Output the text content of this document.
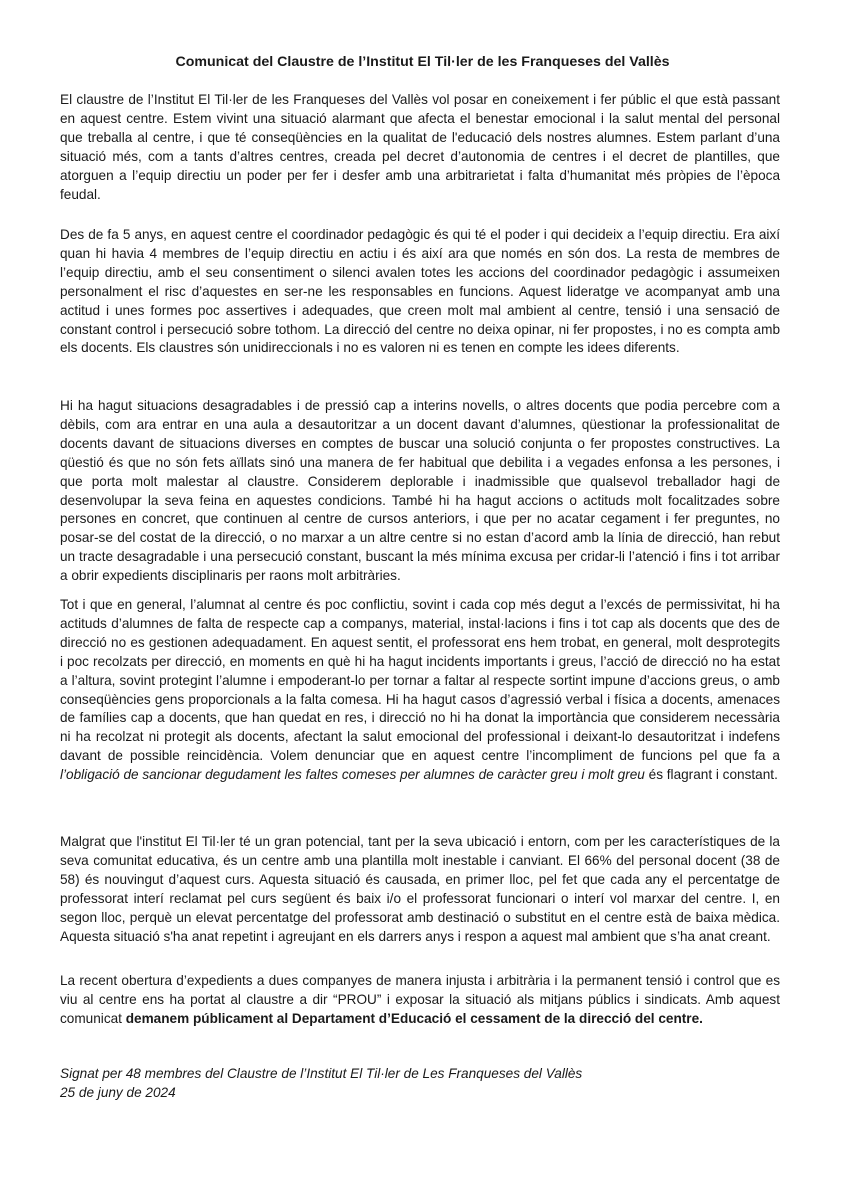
Comunicat del Claustre de l’Institut El Til·ler de les Franqueses del Vallès

El claustre de l’Institut El Til·ler de les Franqueses del Vallès vol posar en coneixement i fer públic el que està passant en aquest centre. Estem vivint una situació alarmant que afecta el benestar emocional i la salut mental del personal que treballa al centre, i que té conseqüències en la qualitat de l'educació dels nostres alumnes. Estem parlant d’una situació més, com a tants d’altres centres, creada pel decret d’autonomia de centres i el decret de plantilles, que atorguen a l’equip directiu un poder per fer i desfer amb una arbitrarietat i falta d’humanitat més pròpies de l’època feudal.

Des de fa 5 anys, en aquest centre el coordinador pedagògic és qui té el poder i qui decideix a l’equip directiu. Era així quan hi havia 4 membres de l’equip directiu en actiu i és així ara que només en són dos. La resta de membres de l’equip directiu, amb el seu consentiment o silenci avalen totes les accions del coordinador pedagògic i assumeixen personalment el risc d’aquestes en ser-ne les responsables en funcions. Aquest lideratge ve acompanyat amb una actitud i unes formes poc assertives i adequades, que creen molt mal ambient al centre, tensió i una sensació de constant control i persecució sobre tothom. La direcció del centre no deixa opinar, ni fer propostes, i no es compta amb els docents. Els claustres són unidireccionals i no es valoren ni es tenen en compte les idees diferents.

Hi ha hagut situacions desagradables i de pressió cap a interins novells, o altres docents que podia percebre com a dèbils, com ara entrar en una aula a desautoritzar a un docent davant d’alumnes, qüestionar la professionalitat de docents davant de situacions diverses en comptes de buscar una solució conjunta o fer propostes constructives. La qüestió és que no són fets aïllats sinó una manera de fer habitual que debilita i a vegades enfonsa a les persones, i que porta molt malestar al claustre. Considerem deplorable i inadmissible que qualsevol treballador hagi de desenvolupar la seva feina en aquestes condicions. També hi ha hagut accions o actituds molt focalitzades sobre persones en concret, que continuen al centre de cursos anteriors, i que per no acatar cegament i fer preguntes, no posar-se del costat de la direcció, o no marxar a un altre centre si no estan d’acord amb la línia de direcció, han rebut un tracte desagradable i una persecució constant, buscant la més mínima excusa per cridar-li l’atenció i fins i tot arribar a obrir expedients disciplinaris per raons molt arbitràries.

Tot i que en general, l’alumnat al centre és poc conflictiu, sovint i cada cop més degut a l’excés de permissivitat, hi ha actituds d’alumnes de falta de respecte cap a companys, material, instal·lacions i fins i tot cap als docents que des de direcció no es gestionen adequadament. En aquest sentit, el professorat ens hem trobat, en general, molt desprotegits i poc recolzats per direcció, en moments en què hi ha hagut incidents importants i greus, l’acció de direcció no ha estat a l’altura, sovint protegint l’alumne i empoderant-lo per tornar a faltar al respecte sortint impune d’accions greus, o amb conseqüències gens proporcionals a la falta comesa. Hi ha hagut casos d’agressió verbal i física a docents, amenaces de famílies cap a docents, que han quedat en res, i direcció no hi ha donat la importància que considerem necessària ni ha recolzat ni protegit als docents, afectant la salut emocional del professional i deixant-lo desautoritzat i indefens davant de possible reincidència. Volem denunciar que en aquest centre l’incompliment de funcions pel que fa a l’obligació de sancionar degudament les faltes comeses per alumnes de caràcter greu i molt greu és flagrant i constant.

Malgrat que l'institut El Til·ler té un gran potencial, tant per la seva ubicació i entorn, com per les característiques de la seva comunitat educativa, és un centre amb una plantilla molt inestable i canviant. El 66% del personal docent (38 de 58) és nouvingut d’aquest curs. Aquesta situació és causada, en primer lloc, pel fet que cada any el percentatge de professorat interí reclamat pel curs següent és baix i/o el professorat funcionari o interí vol marxar del centre. I, en segon lloc, perquè un elevat percentatge del professorat amb destinació o substitut en el centre està de baixa mèdica. Aquesta situació s'ha anat repetint i agreujant en els darrers anys i respon a aquest mal ambient que s’ha anat creant.

La recent obertura d’expedients a dues companyes de manera injusta i arbitrària i la permanent tensió i control que es viu al centre ens ha portat al claustre a dir “PROU” i exposar la situació als mitjans públics i sindicats. Amb aquest comunicat demanem públicament al Departament d’Educació el cessament de la direcció del centre.

Signat per 48 membres del Claustre de l’Institut El Til·ler de Les Franqueses del Vallès

25 de juny de 2024
